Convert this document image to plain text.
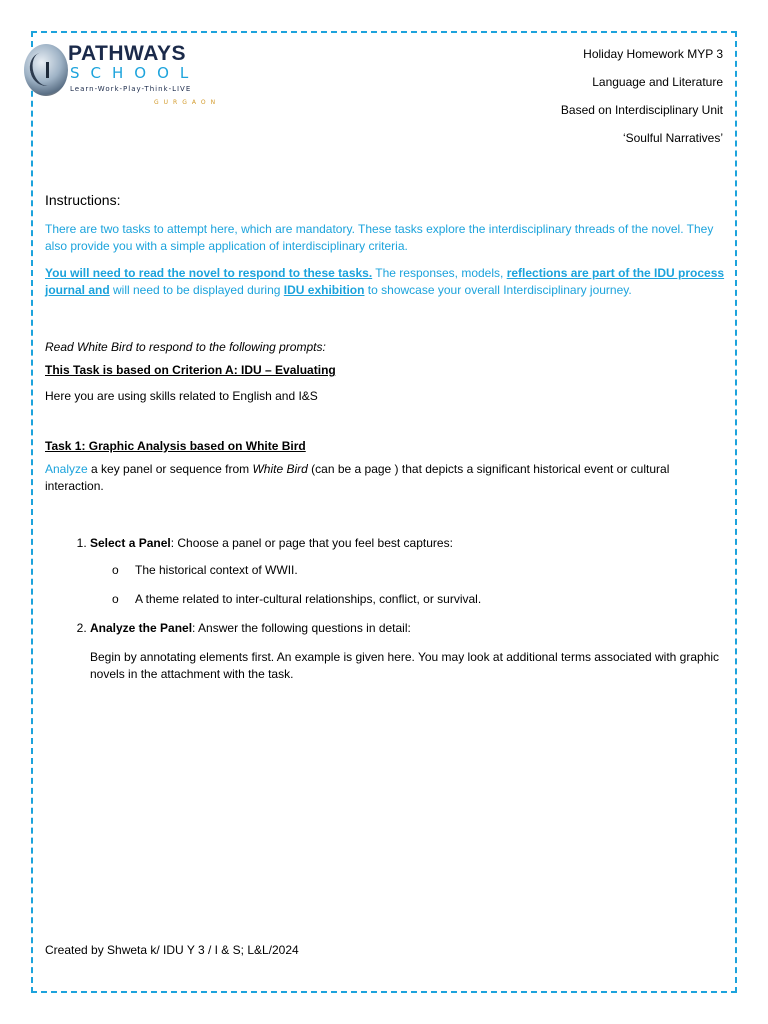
PATHWAYS
SCHOOL
Learn-Work-Play-Think-LIVE
GURGAON
Holiday Homework MYP 3
Language and Literature
Based on Interdisciplinary Unit
‘Soulful Narratives’
Instructions:

There are two tasks to attempt here, which are mandatory. These tasks explore the interdisciplinary threads of the novel. They also provide you with a simple application of interdisciplinary criteria.

You will need to read the novel to respond to these tasks. The responses, models, reflections are part of the IDU process journal and will need to be displayed during IDU exhibition to showcase your overall Interdisciplinary journey.

Read White Bird to respond to the following prompts:

This Task is based on Criterion A: IDU – Evaluating

Here you are using skills related to English and I&S

Task 1: Graphic Analysis based on White Bird

Analyze a key panel or sequence from White Bird (can be a page ) that depicts a significant historical event or cultural interaction.

1. Select a Panel: Choose a panel or page that you feel best captures:
o The historical context of WWII.
o A theme related to inter-cultural relationships, conflict, or survival.
2. Analyze the Panel: Answer the following questions in detail:

Begin by annotating elements first. An example is given here. You may look at additional terms associated with graphic novels in the attachment with the task.

Created by Shweta k/ IDU Y 3 / I & S; L&L/2024
